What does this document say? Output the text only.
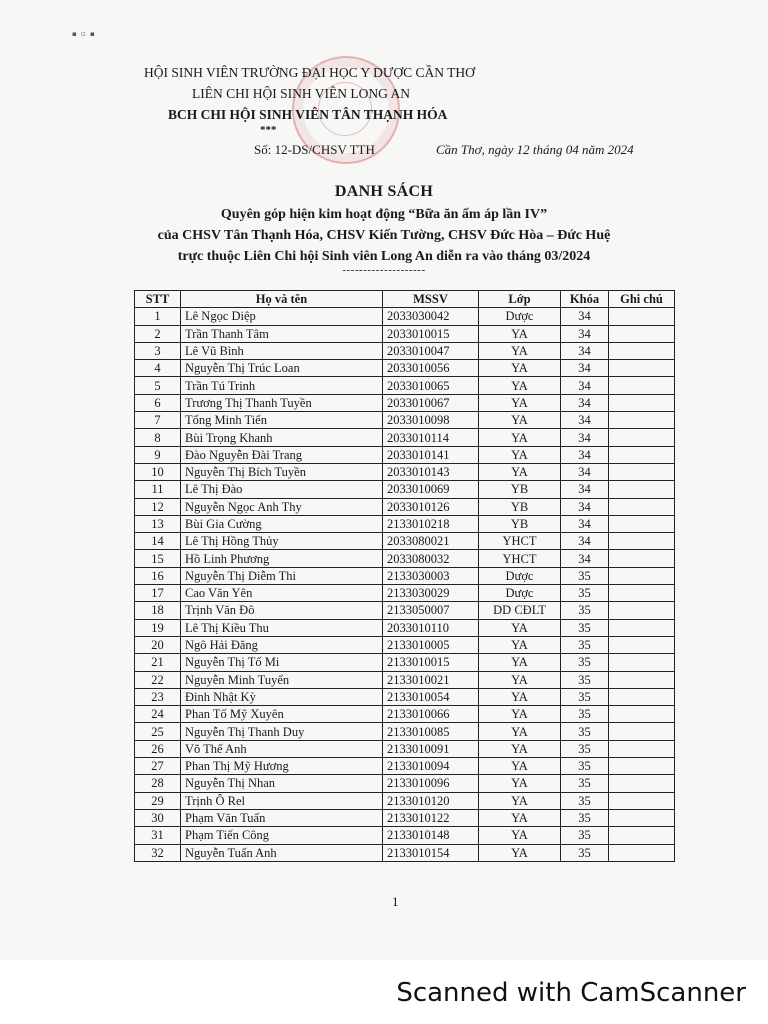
▪ ▫ ▪
HỘI SINH VIÊN TRƯỜNG ĐẠI HỌC Y DƯỢC CẦN THƠ
LIÊN CHI HỘI SINH VIÊN LONG AN
BCH CHI HỘI SINH VIÊN TÂN THẠNH HÓA
***
Số: 12-DS/CHSV TTH	Cần Thơ, ngày 12 tháng 04 năm 2024
DANH SÁCH
Quyên góp hiện kim hoạt động “Bữa ăn ấm áp lần IV”
của CHSV Tân Thạnh Hóa, CHSV Kiến Tường, CHSV Đức Hòa – Đức Huệ
trực thuộc Liên Chi hội Sinh viên Long An diễn ra vào tháng 03/2024
--------------------
STT	Họ và tên	MSSV	Lớp	Khóa	Ghi chú
1	Lê Ngọc Diệp	2033030042	Dược	34	
2	Trần Thanh Tâm	2033010015	YA	34	
3	Lê Vũ Bình	2033010047	YA	34	
4	Nguyễn Thị Trúc Loan	2033010056	YA	34	
5	Trần Tú Trinh	2033010065	YA	34	
6	Trương Thị Thanh Tuyền	2033010067	YA	34	
7	Tống Minh Tiến	2033010098	YA	34	
8	Bùi Trọng Khanh	2033010114	YA	34	
9	Đào Nguyễn Đài Trang	2033010141	YA	34	
10	Nguyễn Thị Bích Tuyền	2033010143	YA	34	
11	Lê Thị Đào	2033010069	YB	34	
12	Nguyễn Ngọc Anh Thy	2033010126	YB	34	
13	Bùi Gia Cường	2133010218	YB	34	
14	Lê Thị Hồng Thủy	2033080021	YHCT	34	
15	Hồ Linh Phương	2033080032	YHCT	34	
16	Nguyễn Thị Diễm Thi	2133030003	Dược	35	
17	Cao Văn Yên	2133030029	Dược	35	
18	Trịnh Văn Đô	2133050007	DD CĐLT	35	
19	Lê Thị Kiều Thu	2033010110	YA	35	
20	Ngô Hải Đăng	2133010005	YA	35	
21	Nguyễn Thị Tố Mi	2133010015	YA	35	
22	Nguyễn Minh Tuyển	2133010021	YA	35	
23	Đinh Nhật Kỳ	2133010054	YA	35	
24	Phan Tố Mỹ Xuyên	2133010066	YA	35	
25	Nguyễn Thị Thanh Duy	2133010085	YA	35	
26	Võ Thế Anh	2133010091	YA	35	
27	Phan Thị Mỹ Hương	2133010094	YA	35	
28	Nguyễn Thị Nhan	2133010096	YA	35	
29	Trịnh Ô Rel	2133010120	YA	35	
30	Phạm Văn Tuấn	2133010122	YA	35	
31	Phạm Tiến Công	2133010148	YA	35	
32	Nguyễn Tuấn Anh	2133010154	YA	35	
1
Scanned with CamScanner
